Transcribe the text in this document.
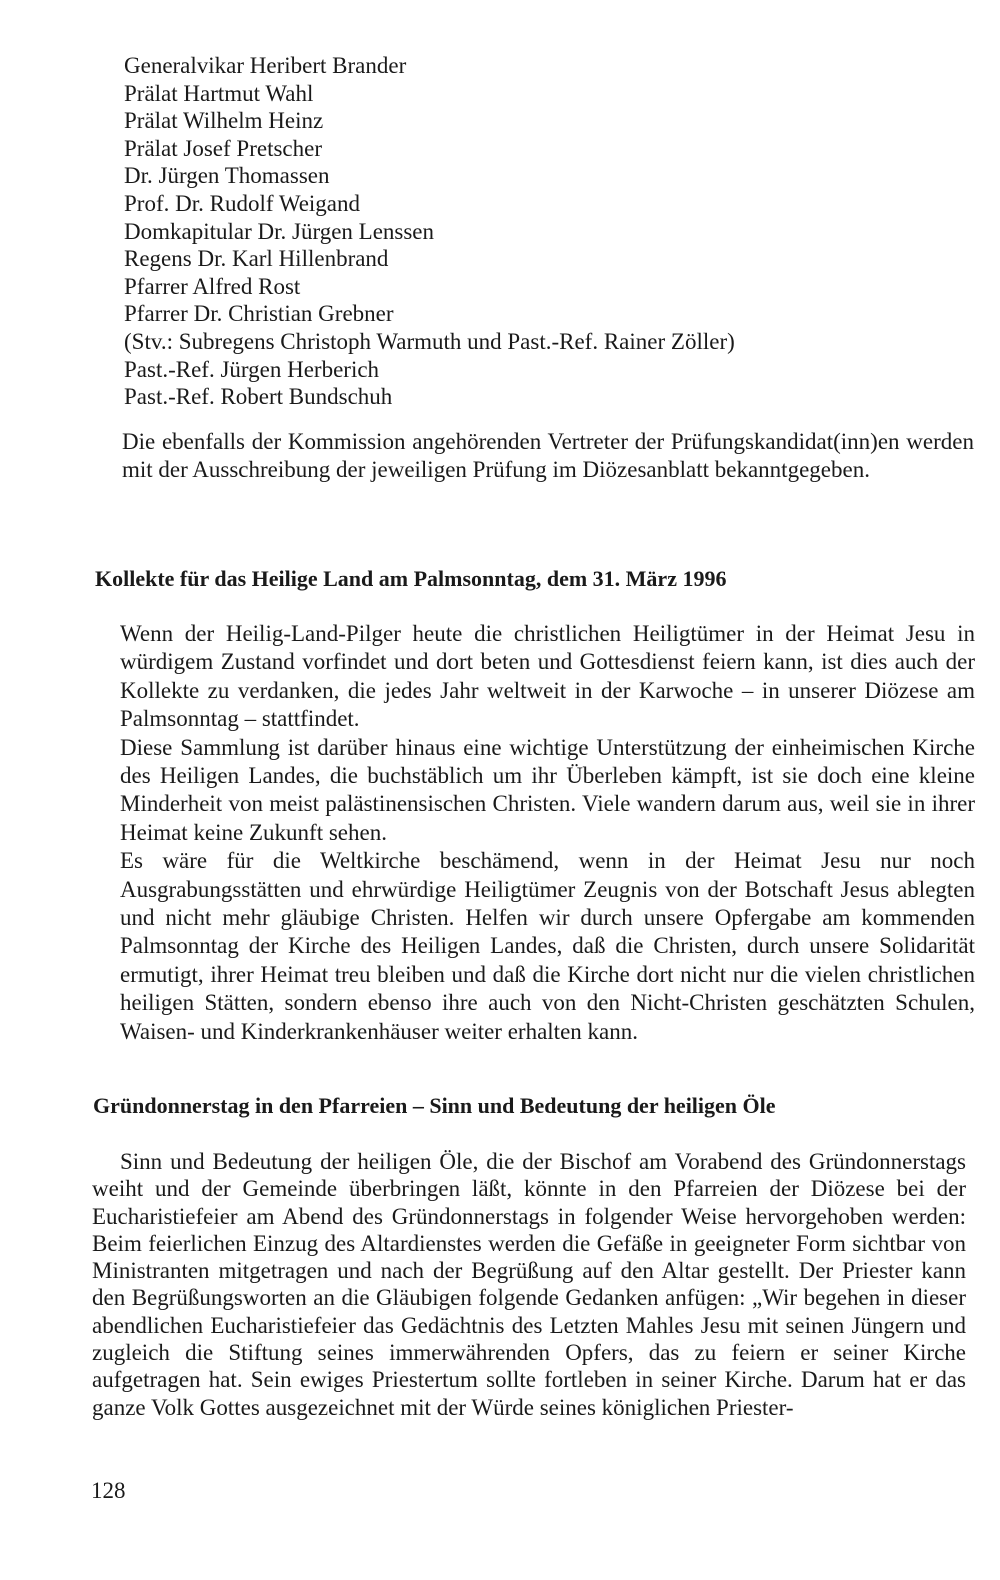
Generalvikar Heribert Brander
Prälat Hartmut Wahl
Prälat Wilhelm Heinz
Prälat Josef Pretscher
Dr. Jürgen Thomassen
Prof. Dr. Rudolf Weigand
Domkapitular Dr. Jürgen Lenssen
Regens Dr. Karl Hillenbrand
Pfarrer Alfred Rost
Pfarrer Dr. Christian Grebner
(Stv.: Subregens Christoph Warmuth und Past.-Ref. Rainer Zöller)
Past.-Ref. Jürgen Herberich
Past.-Ref. Robert Bundschuh

Die ebenfalls der Kommission angehörenden Vertreter der Prüfungskandidat(inn)en werden mit der Ausschreibung der jeweiligen Prüfung im Diözesanblatt bekanntgegeben.

Kollekte für das Heilige Land am Palmsonntag, dem 31. März 1996

Wenn der Heilig-Land-Pilger heute die christlichen Heiligtümer in der Heimat Jesu in würdigem Zustand vorfindet und dort beten und Gottesdienst feiern kann, ist dies auch der Kollekte zu verdanken, die jedes Jahr weltweit in der Karwoche – in unserer Diözese am Palmsonntag – stattfindet.

Diese Sammlung ist darüber hinaus eine wichtige Unterstützung der einheimischen Kirche des Heiligen Landes, die buchstäblich um ihr Überleben kämpft, ist sie doch eine kleine Minderheit von meist palästinensischen Christen. Viele wandern darum aus, weil sie in ihrer Heimat keine Zukunft sehen.

Es wäre für die Weltkirche beschämend, wenn in der Heimat Jesu nur noch Ausgrabungsstätten und ehrwürdige Heiligtümer Zeugnis von der Botschaft Jesus ablegten und nicht mehr gläubige Christen. Helfen wir durch unsere Opfergabe am kommenden Palmsonntag der Kirche des Heiligen Landes, daß die Christen, durch unsere Solidarität ermutigt, ihrer Heimat treu bleiben und daß die Kirche dort nicht nur die vielen christlichen heiligen Stätten, sondern ebenso ihre auch von den Nicht-Christen geschätzten Schulen, Waisen- und Kinderkrankenhäuser weiter erhalten kann.

Gründonnerstag in den Pfarreien – Sinn und Bedeutung der heiligen Öle

Sinn und Bedeutung der heiligen Öle, die der Bischof am Vorabend des Gründonnerstags weiht und der Gemeinde überbringen läßt, könnte in den Pfarreien der Diözese bei der Eucharistiefeier am Abend des Gründonnerstags in folgender Weise hervorgehoben werden: Beim feierlichen Einzug des Altardienstes werden die Gefäße in geeigneter Form sichtbar von Ministranten mitgetragen und nach der Begrüßung auf den Altar gestellt. Der Priester kann den Begrüßungsworten an die Gläubigen folgende Gedanken anfügen: „Wir begehen in dieser abendlichen Eucharistiefeier das Gedächtnis des Letzten Mahles Jesu mit seinen Jüngern und zugleich die Stiftung seines immerwährenden Opfers, das zu feiern er seiner Kirche aufgetragen hat. Sein ewiges Priestertum sollte fortleben in seiner Kirche. Darum hat er das ganze Volk Gottes ausgezeichnet mit der Würde seines königlichen Priester-

128
